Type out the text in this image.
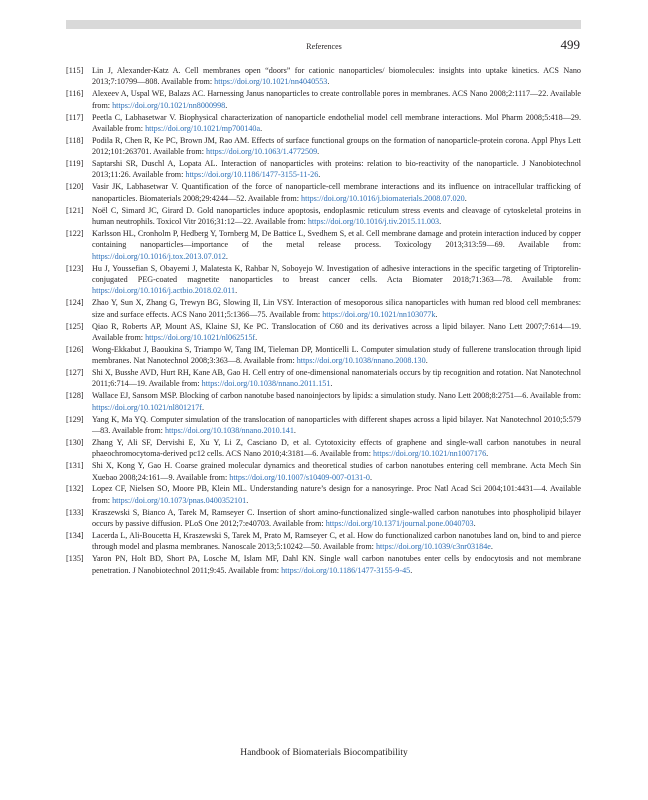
References	499
[115]	Lin J, Alexander-Katz A. Cell membranes open “doors” for cationic nanoparticles/ biomolecules: insights into uptake kinetics. ACS Nano 2013;7:10799—808. Available from: https://doi.org/10.1021/nn4040553.
[116]	Alexeev A, Uspal WE, Balazs AC. Harnessing Janus nanoparticles to create controllable pores in membranes. ACS Nano 2008;2:1117—22. Available from: https://doi.org/10.1021/nn8000998.
[117]	Peetla C, Labhasetwar V. Biophysical characterization of nanoparticle endothelial model cell membrane interactions. Mol Pharm 2008;5:418—29. Available from: https://doi.org/10.1021/mp700140a.
[118]	Podila R, Chen R, Ke PC, Brown JM, Rao AM. Effects of surface functional groups on the formation of nanoparticle-protein corona. Appl Phys Lett 2012;101:263701. Available from: https://doi.org/10.1063/1.4772509.
[119]	Saptarshi SR, Duschl A, Lopata AL. Interaction of nanoparticles with proteins: relation to bio-reactivity of the nanoparticle. J Nanobiotechnol 2013;11:26. Available from: https://doi.org/10.1186/1477-3155-11-26.
[120]	Vasir JK, Labhasetwar V. Quantification of the force of nanoparticle-cell membrane interactions and its influence on intracellular trafficking of nanoparticles. Biomaterials 2008;29:4244—52. Available from: https://doi.org/10.1016/j.biomaterials.2008.07.020.
[121]	Noël C, Simard JC, Girard D. Gold nanoparticles induce apoptosis, endoplasmic reticulum stress events and cleavage of cytoskeletal proteins in human neutrophils. Toxicol Vitr 2016;31:12—22. Available from: https://doi.org/10.1016/j.tiv.2015.11.003.
[122]	Karlsson HL, Cronholm P, Hedberg Y, Tornberg M, De Battice L, Svedhem S, et al. Cell membrane damage and protein interaction induced by copper containing nanoparticles—importance of the metal release process. Toxicology 2013;313:59—69. Available from: https://doi.org/10.1016/j.tox.2013.07.012.
[123]	Hu J, Youssefian S, Obayemi J, Malatesta K, Rahbar N, Soboyejo W. Investigation of adhesive interactions in the specific targeting of Triptorelin-conjugated PEG-coated magnetite nanoparticles to breast cancer cells. Acta Biomater 2018;71:363—78. Available from: https://doi.org/10.1016/j.actbio.2018.02.011.
[124]	Zhao Y, Sun X, Zhang G, Trewyn BG, Slowing II, Lin VSY. Interaction of mesoporous silica nanoparticles with human red blood cell membranes: size and surface effects. ACS Nano 2011;5:1366—75. Available from: https://doi.org/10.1021/nn103077k.
[125]	Qiao R, Roberts AP, Mount AS, Klaine SJ, Ke PC. Translocation of C60 and its derivatives across a lipid bilayer. Nano Lett 2007;7:614—19. Available from: https://doi.org/10.1021/nl062515f.
[126]	Wong-Ekkabut J, Baoukina S, Triampo W, Tang IM, Tieleman DP, Monticelli L. Computer simulation study of fullerene translocation through lipid membranes. Nat Nanotechnol 2008;3:363—8. Available from: https://doi.org/10.1038/nnano.2008.130.
[127]	Shi X, Busshe AVD, Hurt RH, Kane AB, Gao H. Cell entry of one-dimensional nanomaterials occurs by tip recognition and rotation. Nat Nanotechnol 2011;6:714—19. Available from: https://doi.org/10.1038/nnano.2011.151.
[128]	Wallace EJ, Sansom MSP. Blocking of carbon nanotube based nanoinjectors by lipids: a simulation study. Nano Lett 2008;8:2751—6. Available from: https://doi.org/10.1021/nl801217f.
[129]	Yang K, Ma YQ. Computer simulation of the translocation of nanoparticles with different shapes across a lipid bilayer. Nat Nanotechnol 2010;5:579—83. Available from: https://doi.org/10.1038/nnano.2010.141.
[130]	Zhang Y, Ali SF, Dervishi E, Xu Y, Li Z, Casciano D, et al. Cytotoxicity effects of graphene and single-wall carbon nanotubes in neural phaeochromocytoma-derived pc12 cells. ACS Nano 2010;4:3181—6. Available from: https://doi.org/10.1021/nn1007176.
[131]	Shi X, Kong Y, Gao H. Coarse grained molecular dynamics and theoretical studies of carbon nanotubes entering cell membrane. Acta Mech Sin Xuebao 2008;24:161—9. Available from: https://doi.org/10.1007/s10409-007-0131-0.
[132]	Lopez CF, Nielsen SO, Moore PB, Klein ML. Understanding nature’s design for a nanosyringe. Proc Natl Acad Sci 2004;101:4431—4. Available from: https://doi.org/10.1073/pnas.0400352101.
[133]	Kraszewski S, Bianco A, Tarek M, Ramseyer C. Insertion of short amino-functionalized single-walled carbon nanotubes into phospholipid bilayer occurs by passive diffusion. PLoS One 2012;7:e40703. Available from: https://doi.org/10.1371/journal.pone.0040703.
[134]	Lacerda L, Ali-Boucetta H, Kraszewski S, Tarek M, Prato M, Ramseyer C, et al. How do functionalized carbon nanotubes land on, bind to and pierce through model and plasma membranes. Nanoscale 2013;5:10242—50. Available from: https://doi.org/10.1039/c3nr03184e.
[135]	Yaron PN, Holt BD, Short PA, Losche M, Islam MF, Dahl KN. Single wall carbon nanotubes enter cells by endocytosis and not membrane penetration. J Nanobiotechnol 2011;9:45. Available from: https://doi.org/10.1186/1477-3155-9-45.
Handbook of Biomaterials Biocompatibility
